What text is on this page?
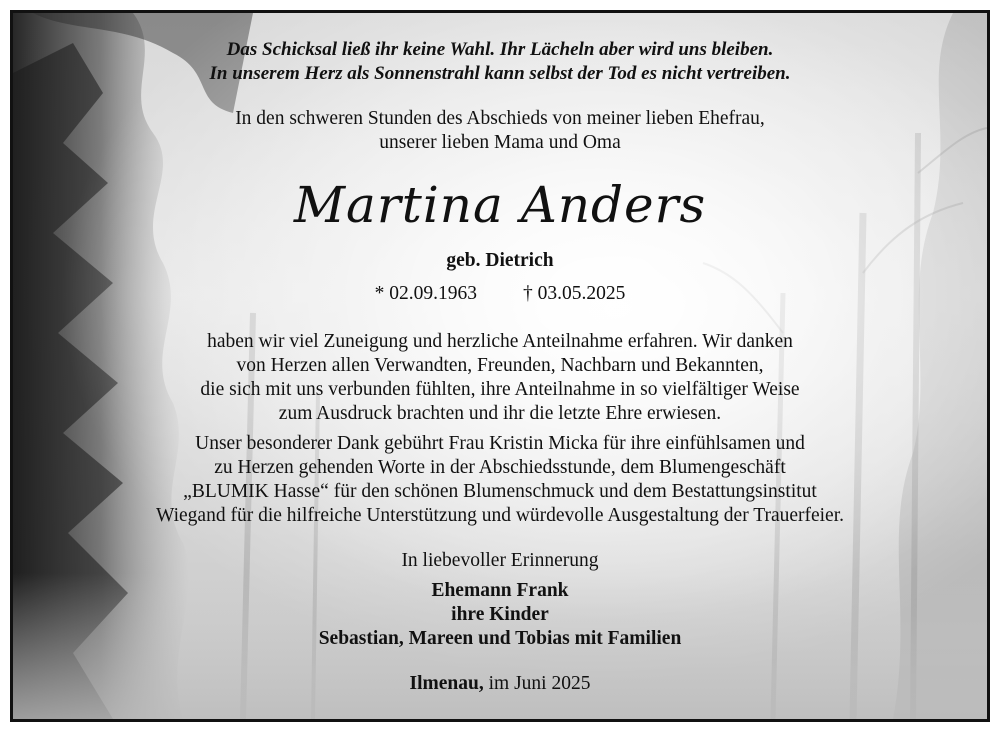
Das Schicksal ließ ihr keine Wahl. Ihr Lächeln aber wird uns bleiben.
In unserem Herz als Sonnenstrahl kann selbst der Tod es nicht vertreiben.
In den schweren Stunden des Abschieds von meiner lieben Ehefrau,
unserer lieben Mama und Oma
Martina Anders
geb. Dietrich
* 02.09.1963 † 03.05.2025
haben wir viel Zuneigung und herzliche Anteilnahme erfahren. Wir danken
von Herzen allen Verwandten, Freunden, Nachbarn und Bekannten,
die sich mit uns verbunden fühlten, ihre Anteilnahme in so vielfältiger Weise
zum Ausdruck brachten und ihr die letzte Ehre erwiesen.
Unser besonderer Dank gebührt Frau Kristin Micka für ihre einfühlsamen und
zu Herzen gehenden Worte in der Abschiedsstunde, dem Blumengeschäft
„BLUMIK Hasse“ für den schönen Blumenschmuck und dem Bestattungsinstitut
Wiegand für die hilfreiche Unterstützung und würdevolle Ausgestaltung der Trauerfeier.
In liebevoller Erinnerung
Ehemann Frank
ihre Kinder
Sebastian, Mareen und Tobias mit Familien
Ilmenau, im Juni 2025
